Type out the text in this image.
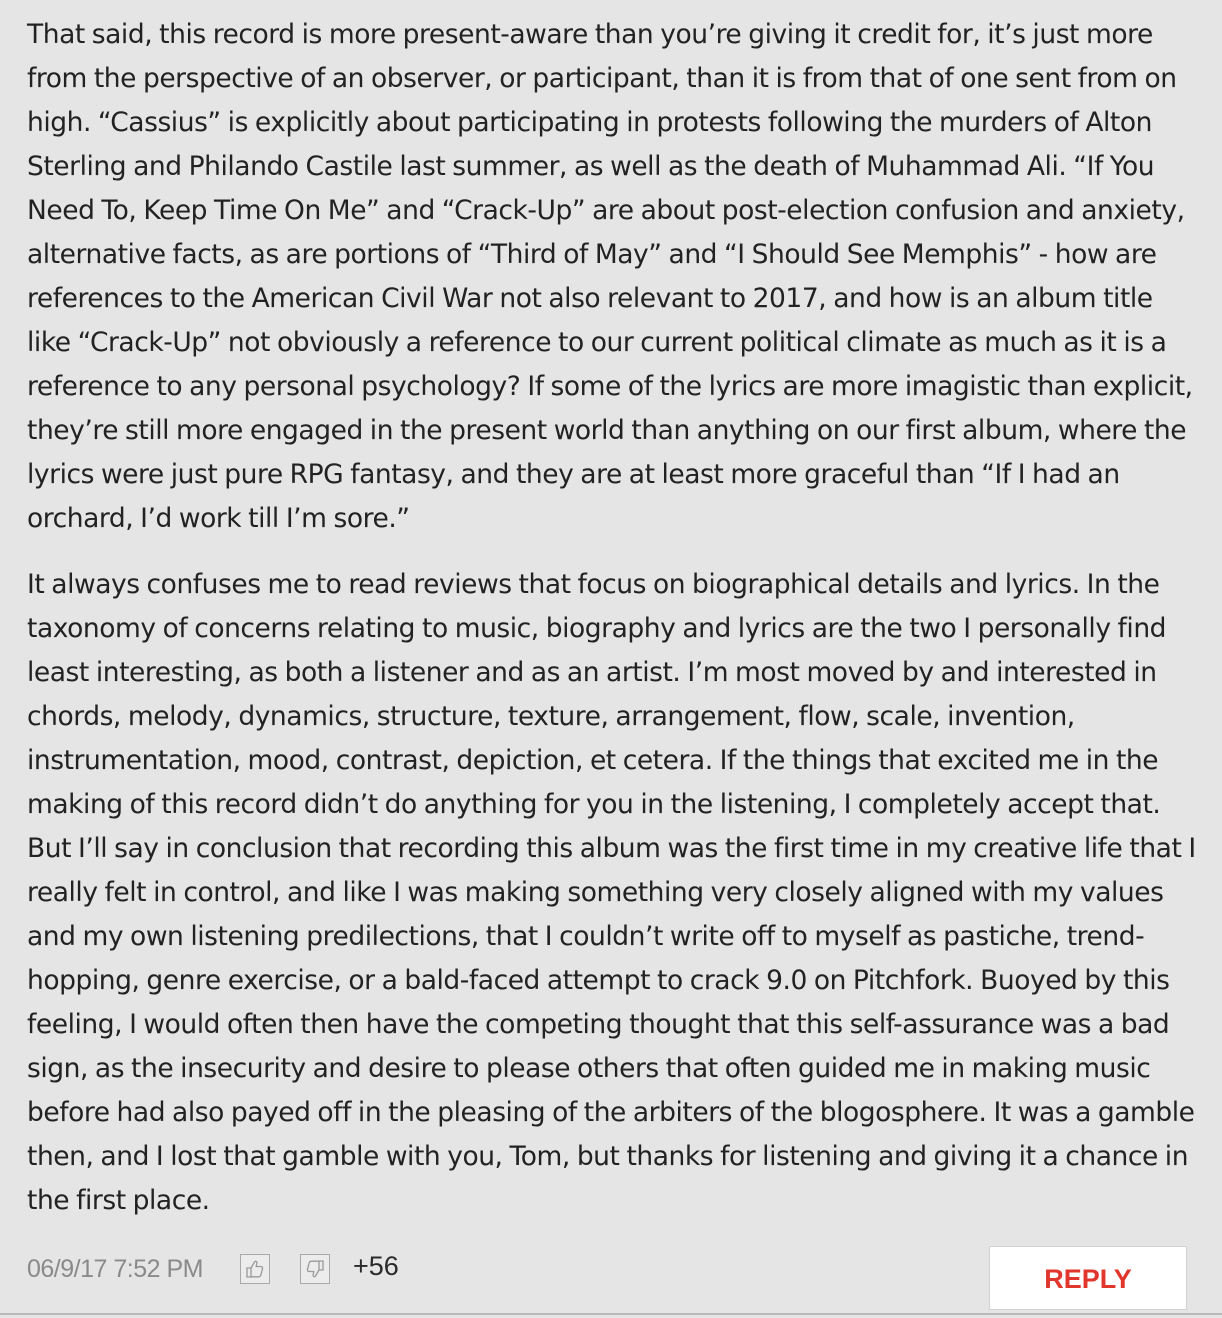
That said, this record is more present-aware than you’re giving it credit for, it’s just more from the perspective of an observer, or participant, than it is from that of one sent from on high. “Cassius” is explicitly about participating in protests following the murders of Alton Sterling and Philando Castile last summer, as well as the death of Muhammad Ali. “If You Need To, Keep Time On Me” and “Crack-Up” are about post-election confusion and anxiety, alternative facts, as are portions of “Third of May” and “I Should See Memphis” - how are references to the American Civil War not also relevant to 2017, and how is an album title like “Crack-Up” not obviously a reference to our current political climate as much as it is a reference to any personal psychology? If some of the lyrics are more imagistic than explicit, they’re still more engaged in the present world than anything on our first album, where the lyrics were just pure RPG fantasy, and they are at least more graceful than “If I had an orchard, I’d work till I’m sore.”

It always confuses me to read reviews that focus on biographical details and lyrics. In the taxonomy of concerns relating to music, biography and lyrics are the two I personally find least interesting, as both a listener and as an artist. I’m most moved by and interested in chords, melody, dynamics, structure, texture, arrangement, flow, scale, invention, instrumentation, mood, contrast, depiction, et cetera. If the things that excited me in the making of this record didn’t do anything for you in the listening, I completely accept that. But I’ll say in conclusion that recording this album was the first time in my creative life that I really felt in control, and like I was making something very closely aligned with my values and my own listening predilections, that I couldn’t write off to myself as pastiche, trend-hopping, genre exercise, or a bald-faced attempt to crack 9.0 on Pitchfork. Buoyed by this feeling, I would often then have the competing thought that this self-assurance was a bad sign, as the insecurity and desire to please others that often guided me in making music before had also payed off in the pleasing of the arbiters of the blogosphere. It was a gamble then, and I lost that gamble with you, Tom, but thanks for listening and giving it a chance in the first place.

06/9/17 7:52 PM	+56	REPLY
